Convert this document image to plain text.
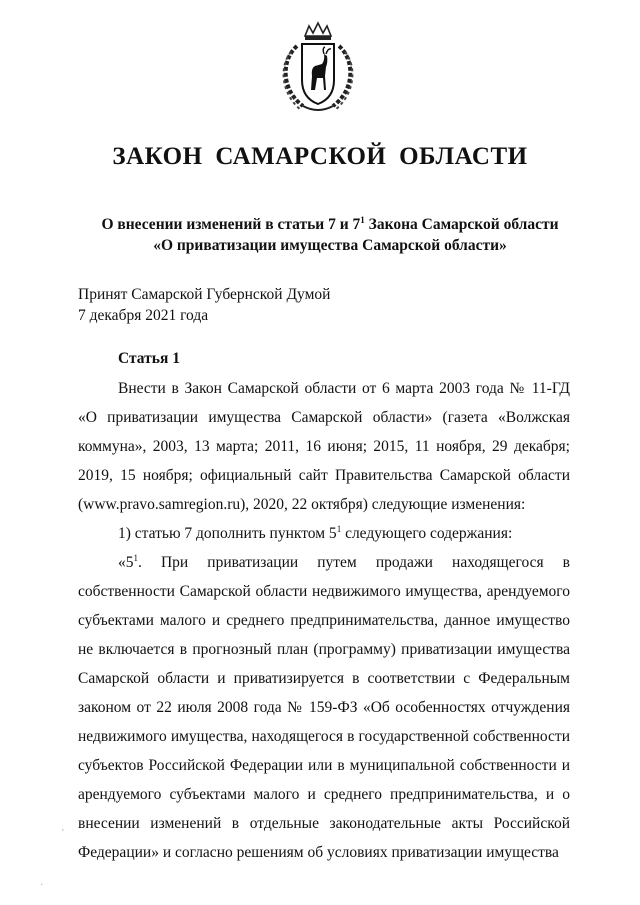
ЗАКОН САМАРСКОЙ ОБЛАСТИ
О внесении изменений в статьи 7 и $7^1$ Закона Самарской области
«О приватизации имущества Самарской области»
Принят Самарской Губернской Думой
7 декабря 2021 года
Статья 1

Внести в Закон Самарской области от 6 марта 2003 года № 11-ГД «О приватизации имущества Самарской области» (газета «Волжская коммуна», 2003, 13 марта; 2011, 16 июня; 2015, 11 ноября, 29 декабря; 2019, 15 ноября; официальный сайт Правительства Самарской области (www.pravo.samregion.ru), 2020, 22 октября) следующие изменения:

1) статью 7 дополнить пунктом $5^1$ следующего содержания:

«$5^1$. При приватизации путем продажи находящегося в собственности Самарской области недвижимого имущества, арендуемого субъектами малого и среднего предпринимательства, данное имущество не включается в прогнозный план (программу) приватизации имущества Самарской области и приватизируется в соответствии с Федеральным законом от 22 июля 2008 года № 159-ФЗ «Об особенностях отчуждения недвижимого имущества, находящегося в государственной собственности субъектов Российской Федерации или в муниципальной собственности и арендуемого субъектами малого и среднего предпринимательства, и о внесении изменений в отдельные законодательные акты Российской Федерации» и согласно решениям об условиях приватизации имущества

'
·
